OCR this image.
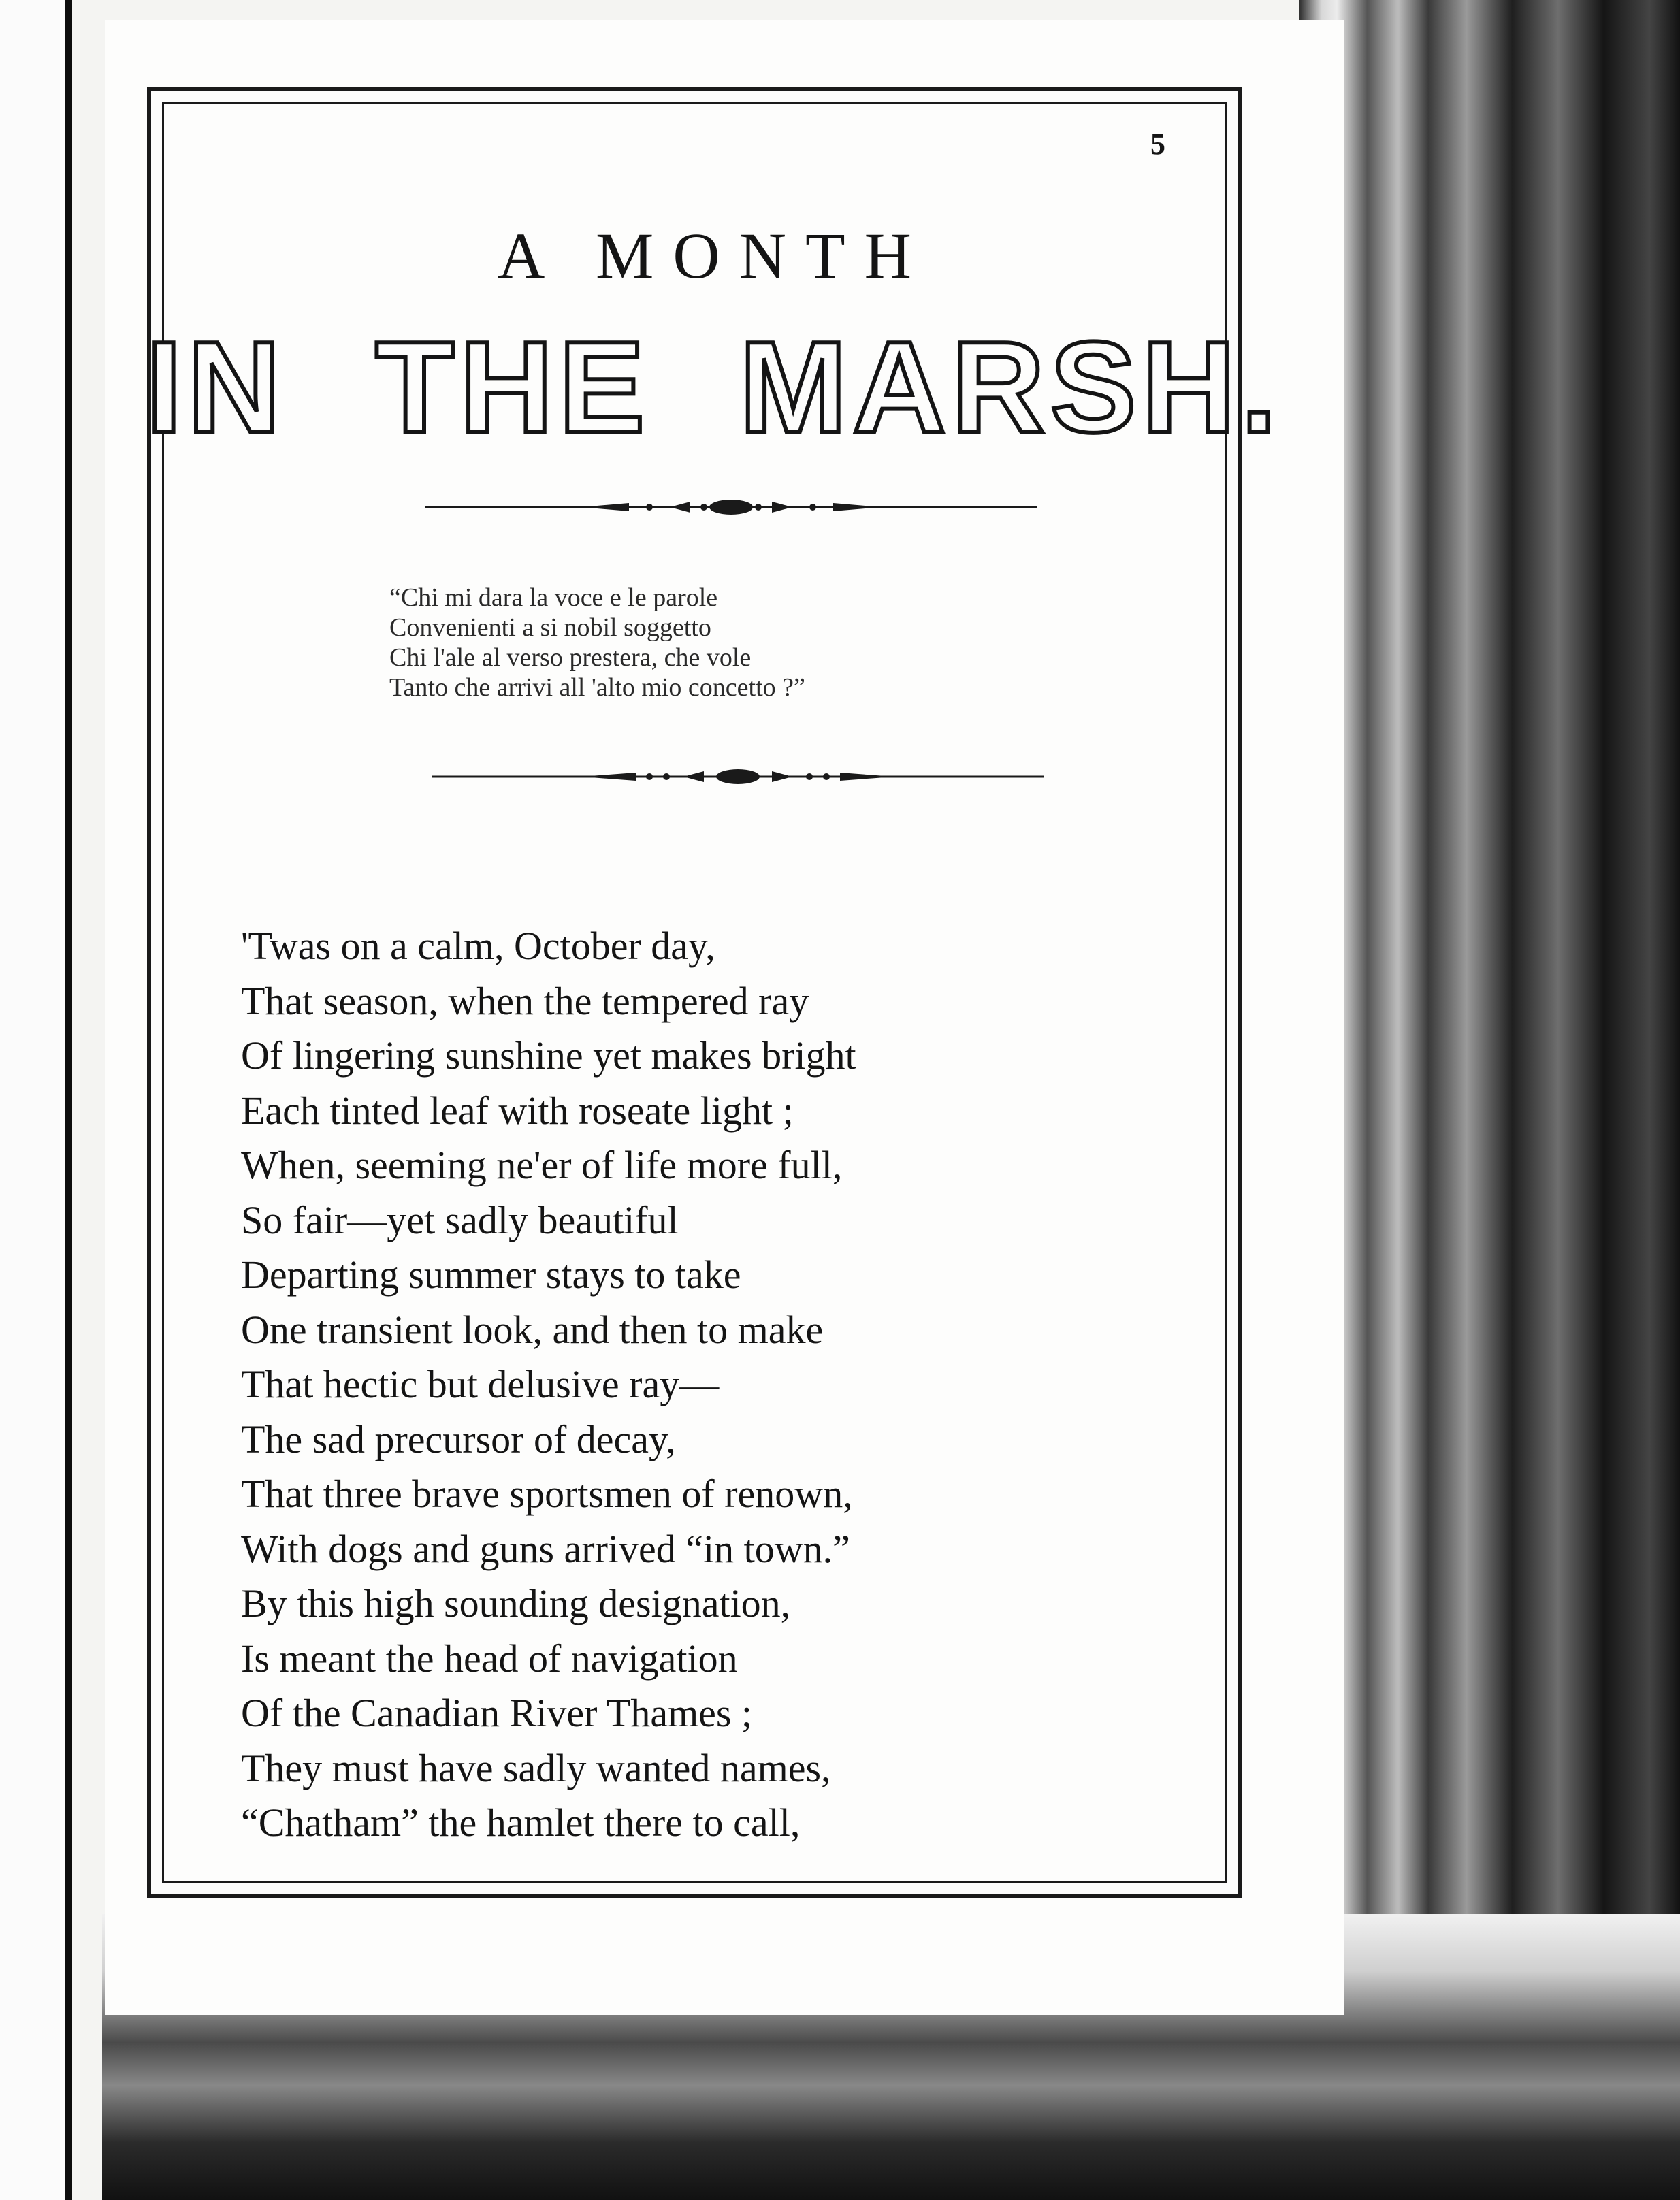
5
A MONTH
IN THE MARSH.
“Chi mi dara la voce e le parole
Convenienti a si nobil soggetto
Chi l'ale al verso prestera, che vole
Tanto che arrivi all 'alto mio concetto ?”
'Twas on a calm, October day,
That season, when the tempered ray
Of lingering sunshine yet makes bright
Each tinted leaf with roseate light ;
When, seeming ne'er of life more full,
So fair—yet sadly beautiful
Departing summer stays to take
One transient look, and then to make
That hectic but delusive ray—
The sad precursor of decay,
That three brave sportsmen of renown,
With dogs and guns arrived “in town.”
By this high sounding designation,
Is meant the head of navigation
Of the Canadian River Thames ;
They must have sadly wanted names,
“Chatham” the hamlet there to call,
